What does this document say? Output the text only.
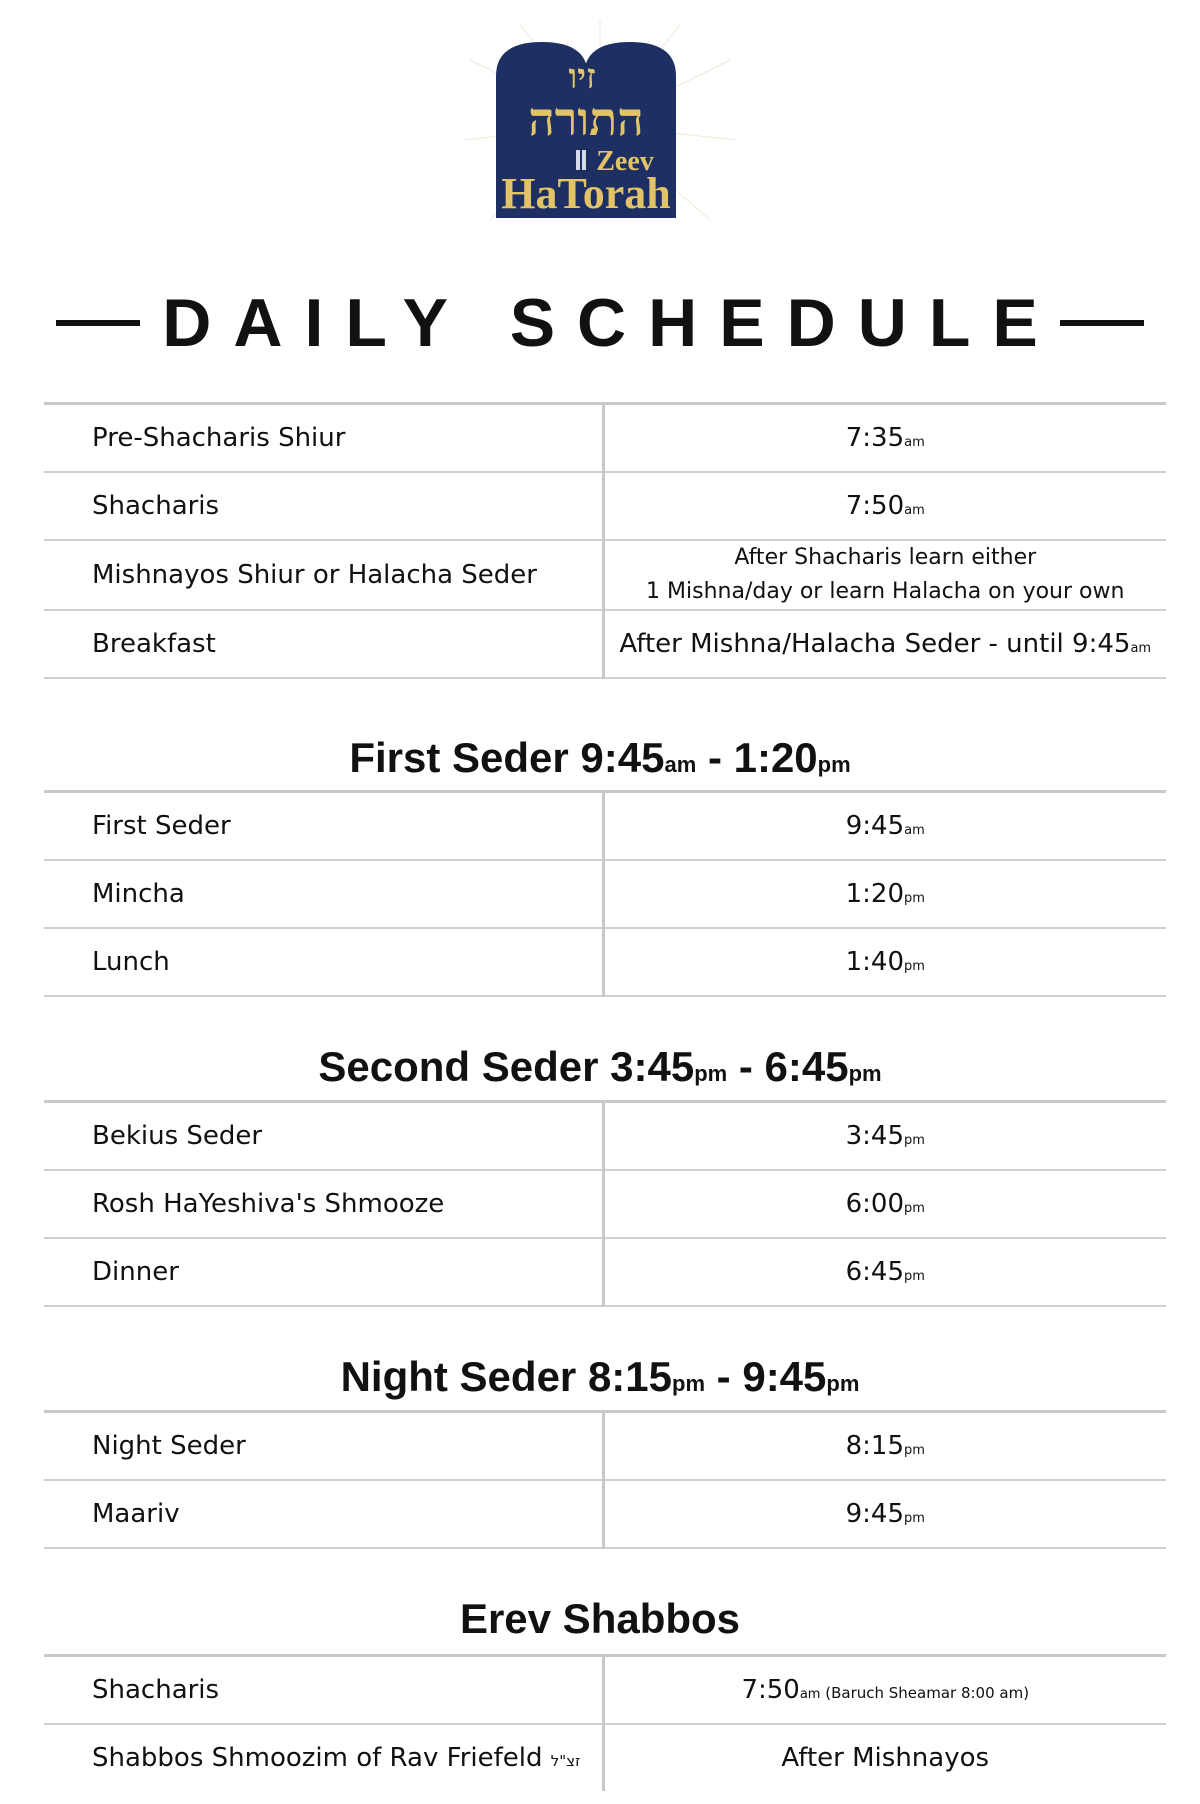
זיו
התורה
Zeev
HaTorah
DAILY SCHEDULE
Pre-Shacharis Shiur	7:35am
Shacharis	7:50am
Mishnayos Shiur or Halacha Seder	After Shacharis learn either
1 Mishna/day or learn Halacha on your own
Breakfast	After Mishna/Halacha Seder - until 9:45am
First Seder 9:45am - 1:20pm
First Seder	9:45am
Mincha	1:20pm
Lunch	1:40pm
Second Seder 3:45pm - 6:45pm
Bekius Seder	3:45pm
Rosh HaYeshiva's Shmooze	6:00pm
Dinner	6:45pm
Night Seder 8:15pm - 9:45pm
Night Seder	8:15pm
Maariv	9:45pm
Erev Shabbos
Shacharis	7:50am (Baruch Sheamar 8:00 am)
Shabbos Shmoozim of Rav Friefeld זצ"ל	After Mishnayos
